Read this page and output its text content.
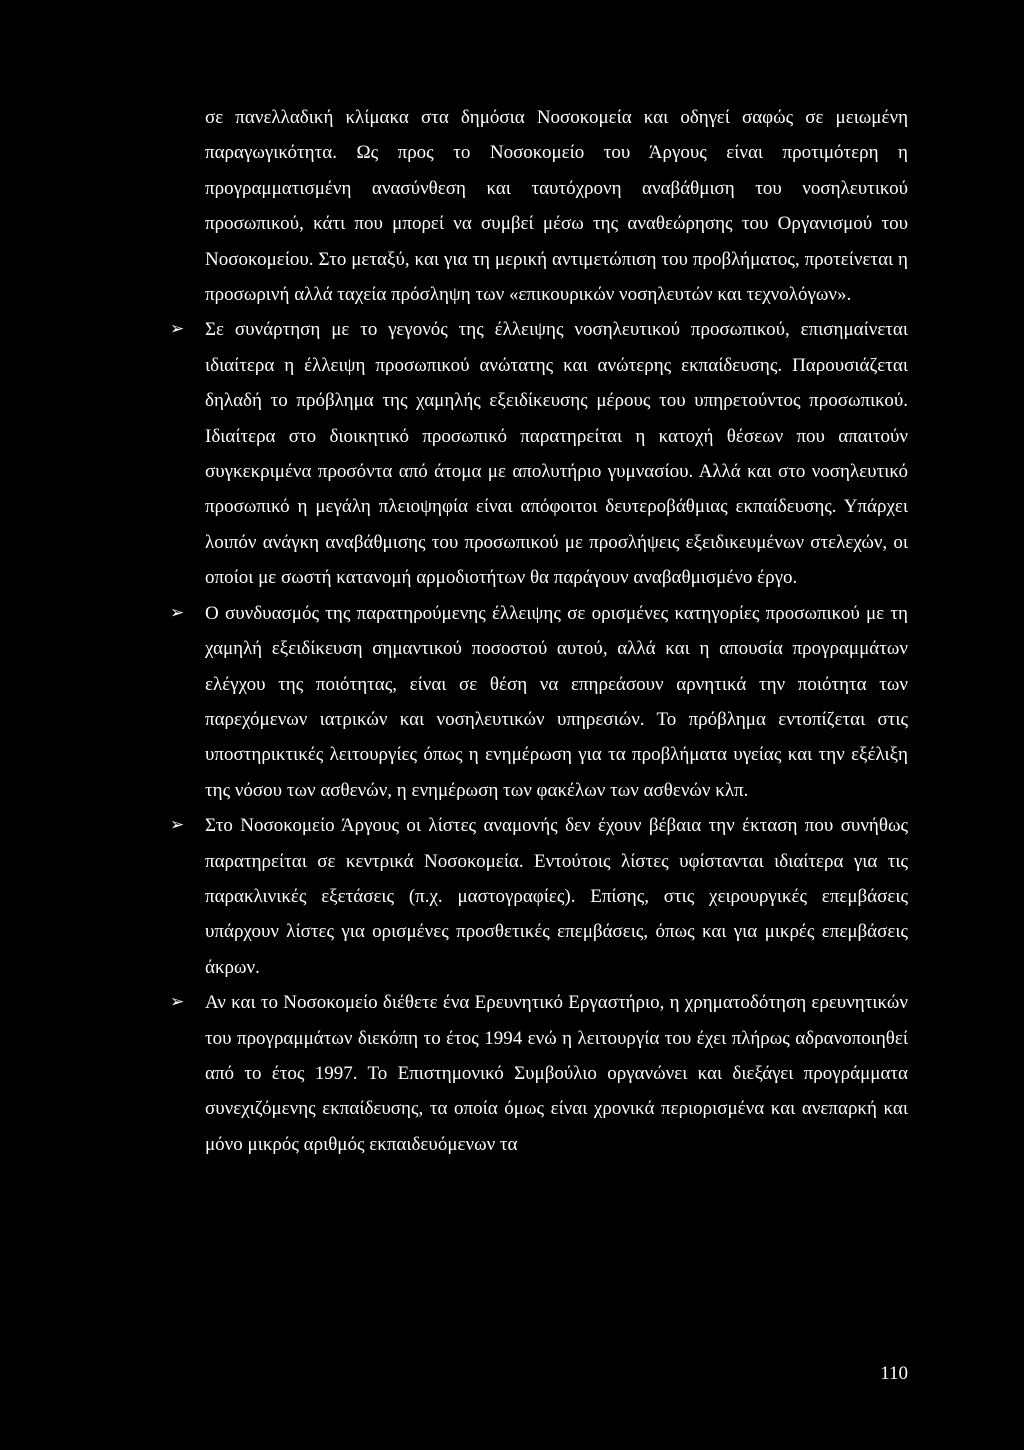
σε πανελλαδική κλίμακα στα δημόσια Νοσοκομεία και οδηγεί σαφώς σε μειωμένη παραγωγικότητα. Ως προς το Νοσοκομείο του Άργους είναι προτιμότερη η προγραμματισμένη ανασύνθεση και ταυτόχρονη αναβάθμιση του νοσηλευτικού προσωπικού, κάτι που μπορεί να συμβεί μέσω της αναθεώρησης του Οργανισμού του Νοσοκομείου. Στο μεταξύ, και για τη μερική αντιμετώπιση του προβλήματος, προτείνεται η προσωρινή αλλά ταχεία πρόσληψη των «επικουρικών νοσηλευτών και τεχνολόγων».

➢ Σε συνάρτηση με το γεγονός της έλλειψης νοσηλευτικού προσωπικού, επισημαίνεται ιδιαίτερα η έλλειψη προσωπικού ανώτατης και ανώτερης εκπαίδευσης. Παρουσιάζεται δηλαδή το πρόβλημα της χαμηλής εξειδίκευσης μέρους του υπηρετούντος προσωπικού. Ιδιαίτερα στο διοικητικό προσωπικό παρατηρείται η κατοχή θέσεων που απαιτούν συγκεκριμένα προσόντα από άτομα με απολυτήριο γυμνασίου. Αλλά και στο νοσηλευτικό προσωπικό η μεγάλη πλειοψηφία είναι απόφοιτοι δευτεροβάθμιας εκπαίδευσης. Υπάρχει λοιπόν ανάγκη αναβάθμισης του προσωπικού με προσλήψεις εξειδικευμένων στελεχών, οι οποίοι με σωστή κατανομή αρμοδιοτήτων θα παράγουν αναβαθμισμένο έργο.

➢ Ο συνδυασμός της παρατηρούμενης έλλειψης σε ορισμένες κατηγορίες προσωπικού με τη χαμηλή εξειδίκευση σημαντικού ποσοστού αυτού, αλλά και η απουσία προγραμμάτων ελέγχου της ποιότητας, είναι σε θέση να επηρεάσουν αρνητικά την ποιότητα των παρεχόμενων ιατρικών και νοσηλευτικών υπηρεσιών. Το πρόβλημα εντοπίζεται στις υποστηρικτικές λειτουργίες όπως η ενημέρωση για τα προβλήματα υγείας και την εξέλιξη της νόσου των ασθενών, η ενημέρωση των φακέλων των ασθενών κλπ.

➢ Στο Νοσοκομείο Άργους οι λίστες αναμονής δεν έχουν βέβαια την έκταση που συνήθως παρατηρείται σε κεντρικά Νοσοκομεία. Εντούτοις λίστες υφίστανται ιδιαίτερα για τις παρακλινικές εξετάσεις (π.χ. μαστογραφίες). Επίσης, στις χειρουργικές επεμβάσεις υπάρχουν λίστες για ορισμένες προσθετικές επεμβάσεις, όπως και για μικρές επεμβάσεις άκρων.

➢ Αν και το Νοσοκομείο διέθετε ένα Ερευνητικό Εργαστήριο, η χρηματοδότηση ερευνητικών του προγραμμάτων διεκόπη το έτος 1994 ενώ η λειτουργία του έχει πλήρως αδρανοποιηθεί από το έτος 1997. Το Επιστημονικό Συμβούλιο οργανώνει και διεξάγει προγράμματα συνεχιζόμενης εκπαίδευσης, τα οποία όμως είναι χρονικά περιορισμένα και ανεπαρκή και μόνο μικρός αριθμός εκπαιδευόμενων τα

110
